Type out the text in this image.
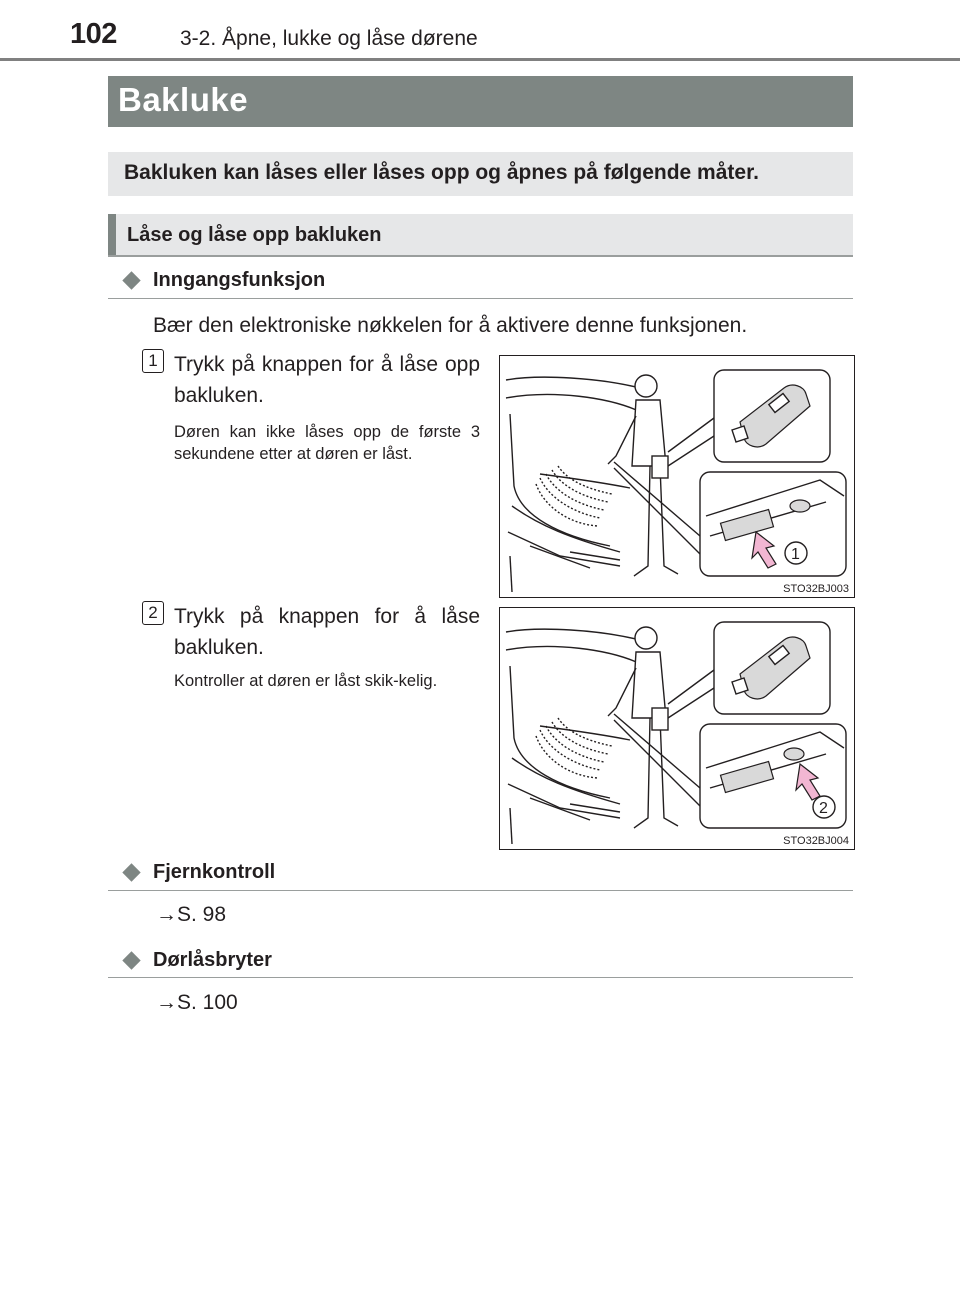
102	3-2. Åpne, lukke og låse dørene
Bakluke
Bakluken kan låses eller låses opp og åpnes på følgende måter.
Låse og låse opp bakluken
Inngangsfunksjon
Bær den elektroniske nøkkelen for å aktivere denne funksjonen.
1 Trykk på knappen for å låse opp bakluken.
Døren kan ikke låses opp de første 3 sekundene etter at døren er låst.
1
STO32BJ003
2 Trykk på knappen for å låse bakluken.
Kontroller at døren er låst skik-kelig.
2
STO32BJ004
Fjernkontroll
→S. 98
Dørlåsbryter
→S. 100
